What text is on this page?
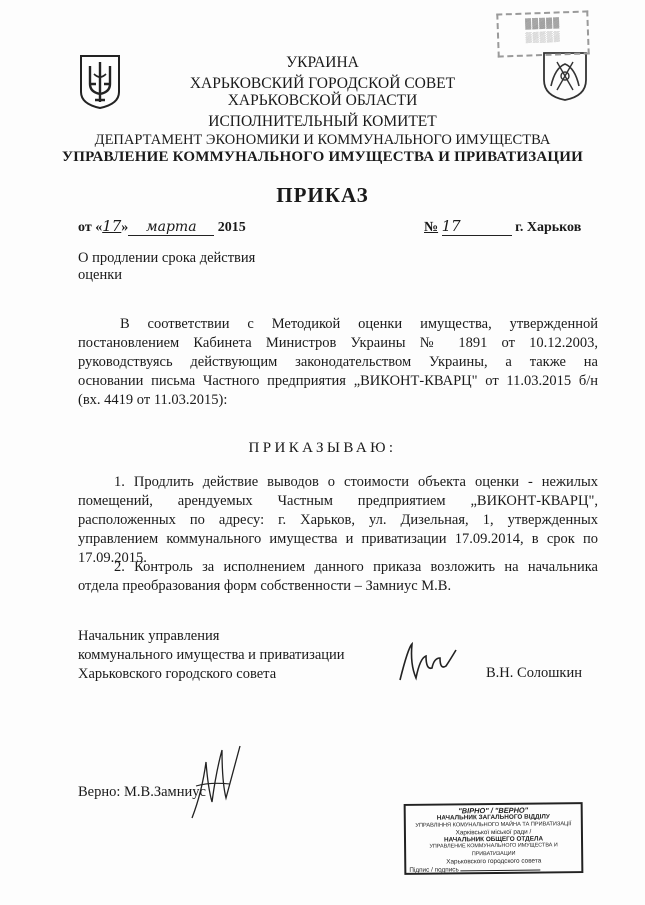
▓▓▓▓▓
▒▒▒▒▒

УКРАИНА

ХАРЬКОВСКИЙ ГОРОДСКОЙ СОВЕТ

ХАРЬКОВСКОЙ ОБЛАСТИ

ИСПОЛНИТЕЛЬНЫЙ КОМИТЕТ

ДЕПАРТАМЕНТ ЭКОНОМИКИ И КОММУНАЛЬНОГО ИМУЩЕСТВА

УПРАВЛЕНИЕ КОММУНАЛЬНОГО ИМУЩЕСТВА И ПРИВАТИЗАЦИИ

ПРИКАЗ

от «17» марта 2015	№ 17	г. Харьков

О продлении срока действия

оценки

В соответствии с Методикой оценки имущества, утвержденной
постановлением Кабинета Министров Украины № 1891 от 10.12.2003,
руководствуясь действующим законодательством Украины, а также на
основании письма Частного предприятия „ВИКОНТ-КВАРЦ" от 11.03.2015 б/н
(вх. 4419 от 11.03.2015):

ПРИКАЗЫВАЮ:

1. Продлить действие выводов о стоимости объекта оценки - нежилых
помещений, арендуемых Частным предприятием „ВИКОНТ-КВАРЦ",
расположенных по адресу: г. Харьков, ул. Дизельная, 1, утвержденных
управлением коммунального имущества и приватизации 17.09.2014, в срок по
17.09.2015.
2. Контроль за исполнением данного приказа возложить на начальника
отдела преобразования форм собственности – Замниус М.В.
Начальник управления
коммунального имущества и приватизации
Харьковского городского совета	В.Н. Солошкин

Верно: М.В.Замниус

"ВІРНО" / "ВЕРНО"
НАЧАЛЬНИК ЗАГАЛЬНОГО ВІДДІЛУ
УПРАВЛІННЯ КОМУНАЛЬНОГО МАЙНА ТА ПРИВАТИЗАЦІЇ
Харківської міської ради /
НАЧАЛЬНИК ОБЩЕГО ОТДЕЛА
УПРАВЛЕНИЕ КОММУНАЛЬНОГО ИМУЩЕСТВА И ПРИВАТИЗАЦИИ
Харьковского городского совета
Підпис / подпись
